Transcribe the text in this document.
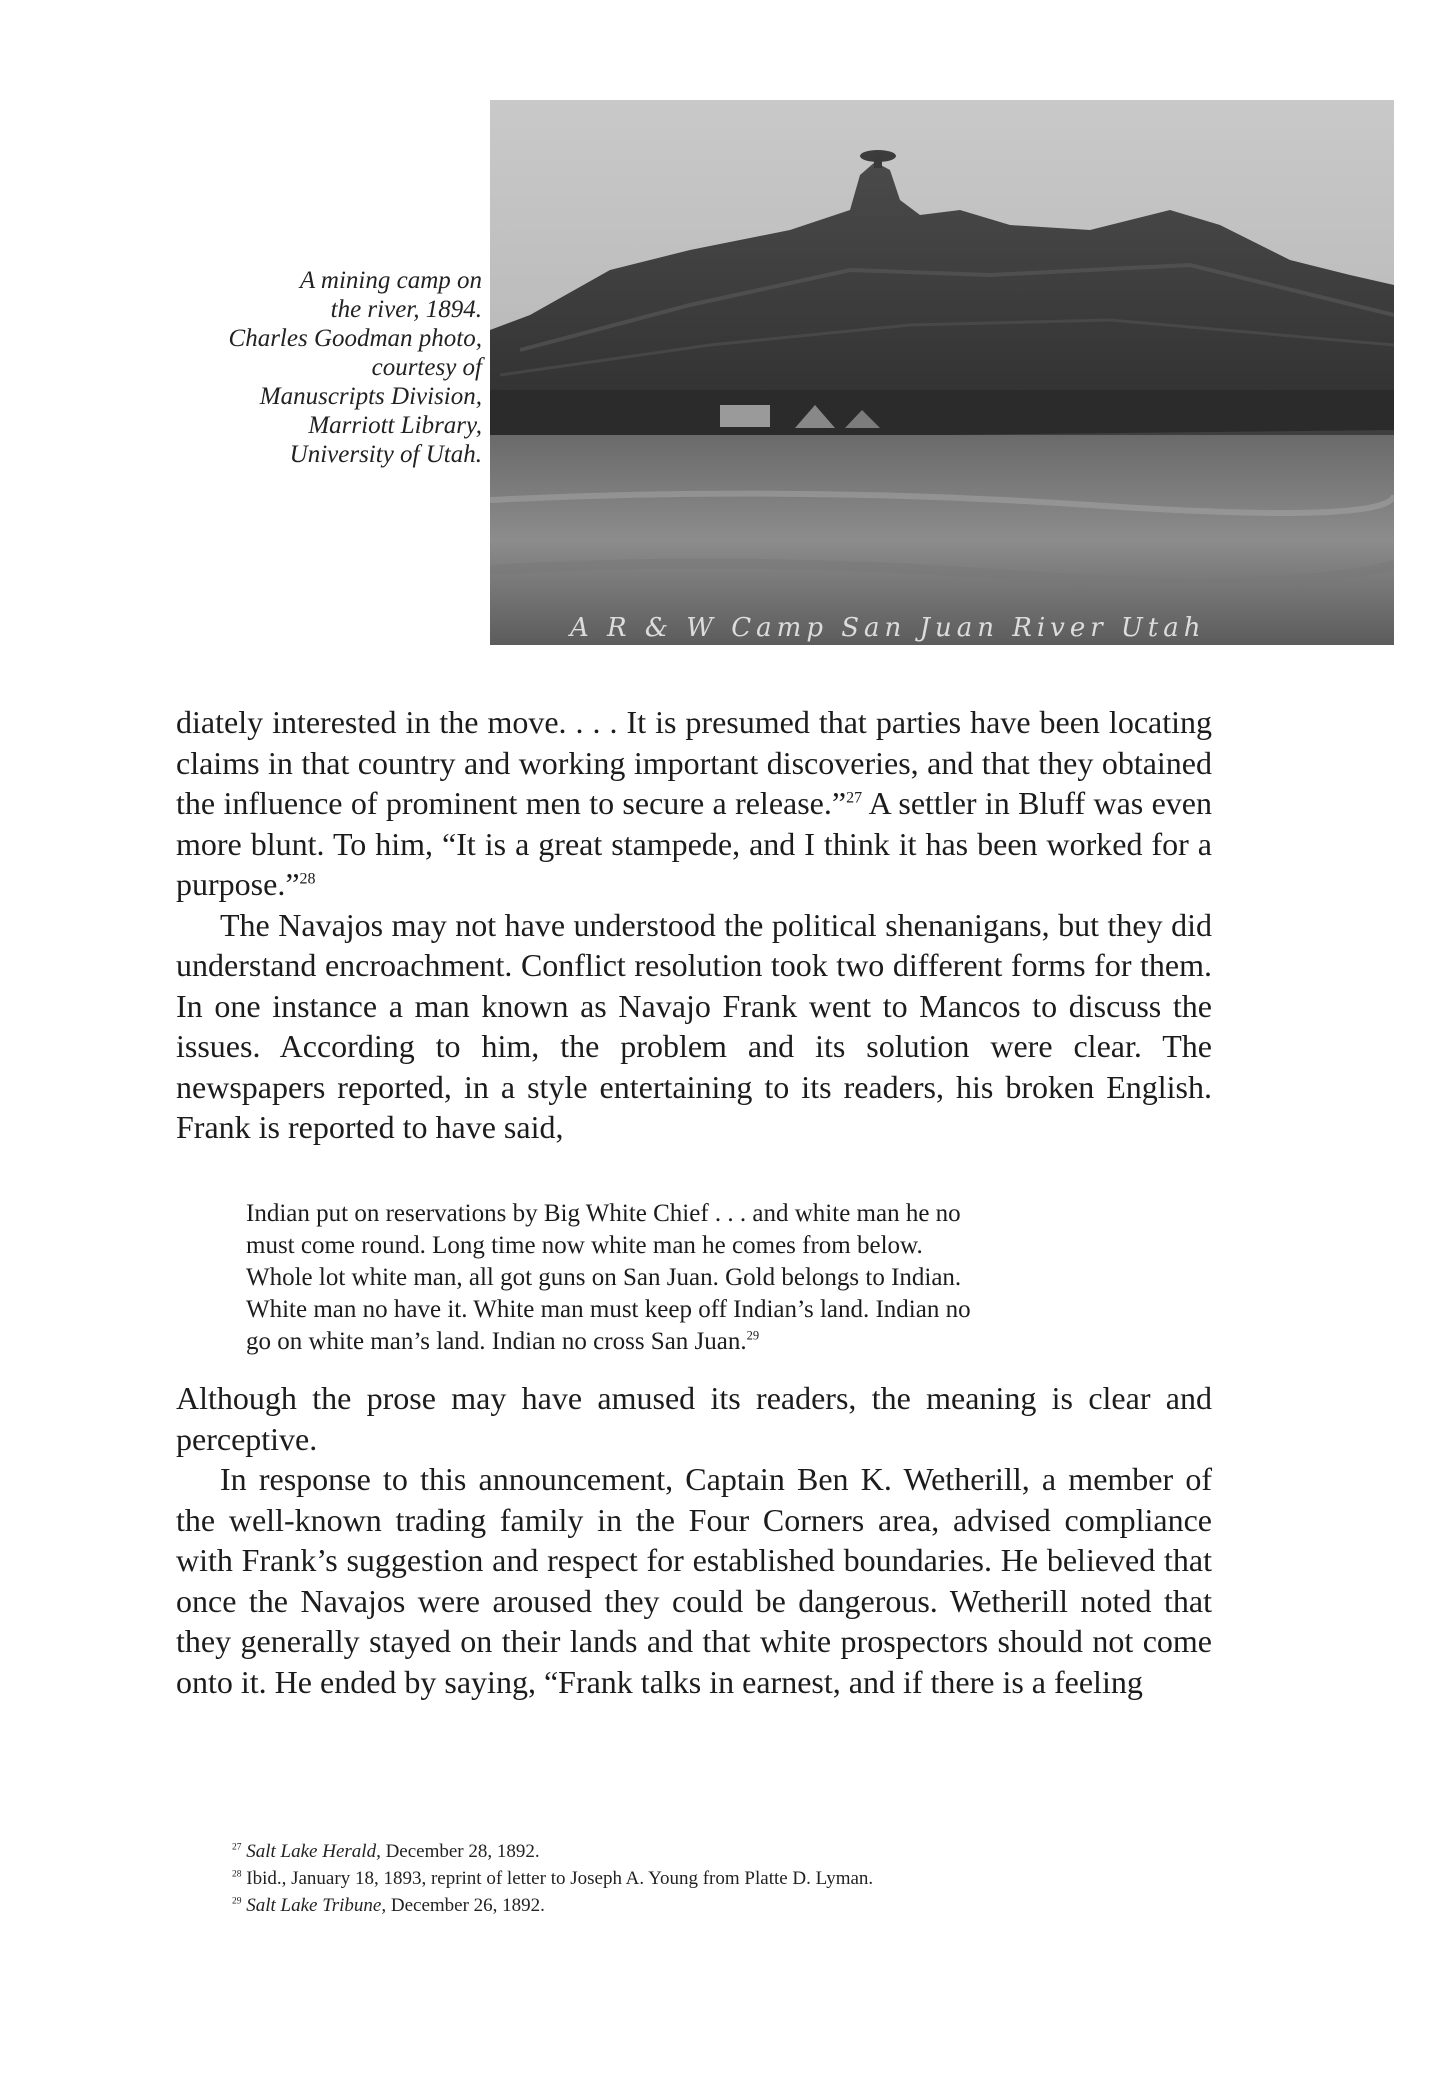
A mining camp on
the river, 1894.
Charles Goodman photo,
courtesy of
Manuscripts Division,
Marriott Library,
University of Utah.
A R & W Camp San Juan River Utah

diately interested in the move. . . . It is presumed that parties have been locating claims in that country and working important discoveries, and that they obtained the influence of prominent men to secure a release.”$^{27}$ A settler in Bluff was even more blunt. To him, “It is a great stampede, and I think it has been worked for a purpose.”$^{28}$

The Navajos may not have understood the political shenanigans, but they did understand encroachment. Conflict resolution took two different forms for them. In one instance a man known as Navajo Frank went to Mancos to discuss the issues. According to him, the problem and its solution were clear. The newspapers reported, in a style entertaining to its readers, his broken English. Frank is reported to have said,

Indian put on reservations by Big White Chief . . . and white man he no
must come round. Long time now white man he comes from below.
Whole lot white man, all got guns on San Juan. Gold belongs to Indian.
White man no have it. White man must keep off Indian’s land. Indian no
go on white man’s land. Indian no cross San Juan.$^{29}$

Although the prose may have amused its readers, the meaning is clear and perceptive.

In response to this announcement, Captain Ben K. Wetherill, a member of the well-known trading family in the Four Corners area, advised compliance with Frank’s suggestion and respect for established boundaries. He believed that once the Navajos were aroused they could be dangerous. Wetherill noted that they generally stayed on their lands and that white prospectors should not come onto it. He ended by saying, “Frank talks in earnest, and if there is a feeling

$^{27}$ Salt Lake Herald, December 28, 1892.
$^{28}$ Ibid., January 18, 1893, reprint of letter to Joseph A. Young from Platte D. Lyman.
$^{29}$ Salt Lake Tribune, December 26, 1892.
